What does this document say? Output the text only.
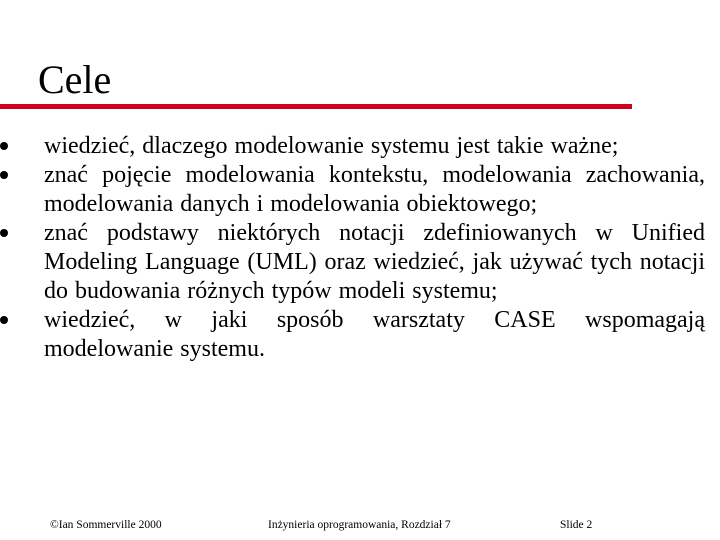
Cele
wiedzieć, dlaczego modelowanie systemu jest takie ważne;
znać pojęcie modelowania kontekstu, modelowania zachowania, modelowania danych i modelowania obiektowego;
znać podstawy niektórych notacji zdefiniowanych w Unified Modeling Language (UML) oraz wiedzieć, jak używać tych notacji do budowania różnych typów modeli systemu;
wiedzieć, w jaki sposób warsztaty CASE wspomagają modelowanie systemu.
©Ian Sommerville 2000	Inżynieria oprogramowania, Rozdział 7	Slide 2
